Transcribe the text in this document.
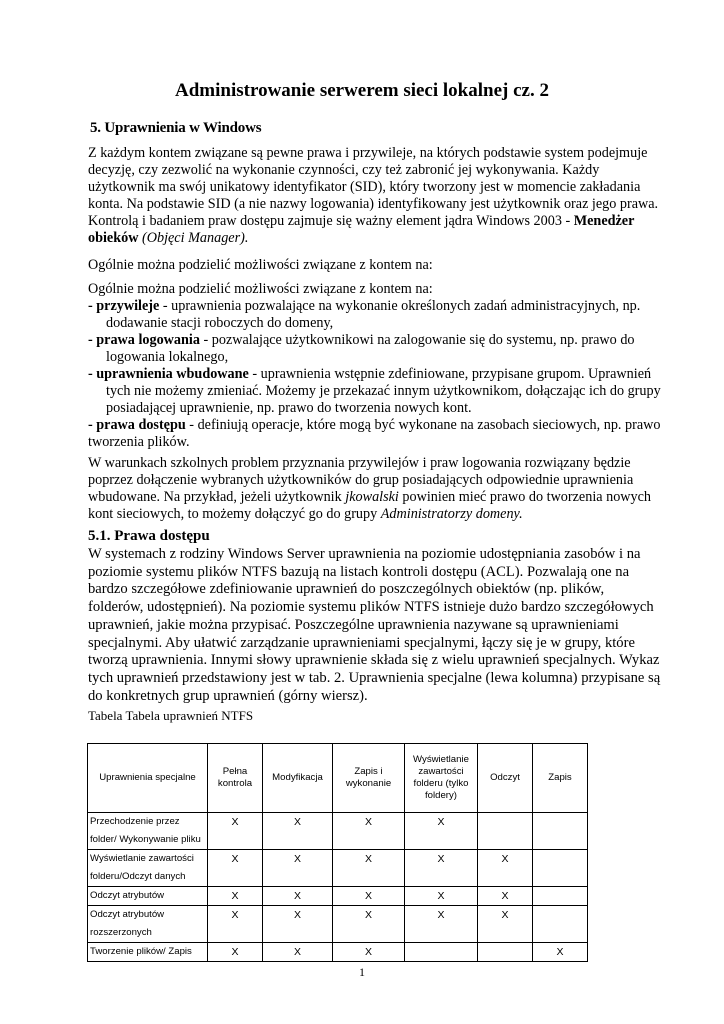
Administrowanie serwerem sieci lokalnej cz. 2
5. Uprawnienia w Windows
Z każdym kontem związane są pewne prawa i przywileje, na których podstawie system podejmuje decyzję, czy zezwolić na wykonanie czynności, czy też zabronić jej wykonywania. Każdy użytkownik ma swój unikatowy identyfikator (SID), który tworzony jest w momencie zakładania konta. Na podstawie SID (a nie nazwy logowania) identyfikowany jest użytkownik oraz jego prawa. Kontrolą i badaniem praw dostępu zajmuje się ważny element jądra Windows 2003 - Menedżer obieków (Objęci Manager).
Ogólnie można podzielić możliwości związane z kontem na:
Ogólnie można podzielić możliwości związane z kontem na:
- przywileje - uprawnienia pozwalające na wykonanie określonych zadań administracyjnych, np.
dodawanie stacji roboczych do domeny,
- prawa logowania - pozwalające użytkownikowi na zalogowanie się do systemu, np. prawo do
logowania lokalnego,
- uprawnienia wbudowane - uprawnienia wstępnie zdefiniowane, przypisane grupom. Uprawnień
tych nie możemy zmieniać. Możemy je przekazać innym użytkownikom, dołączając ich do grupy posiadającej uprawnienie, np. prawo do tworzenia nowych kont.
- prawa dostępu - definiują operacje, które mogą być wykonane na zasobach sieciowych, np. prawo tworzenia plików.
W warunkach szkolnych problem przyznania przywilejów i praw logowania rozwiązany będzie poprzez dołączenie wybranych użytkowników do grup posiadających odpowiednie uprawnienia wbudowane. Na przykład, jeżeli użytkownik jkowalski powinien mieć prawo do tworzenia nowych kont sieciowych, to możemy dołączyć go do grupy Administratorzy domeny.
5.1. Prawa dostępu
W systemach z rodziny Windows Server uprawnienia na poziomie udostępniania zasobów i na poziomie systemu plików NTFS bazują na listach kontroli dostępu (ACL). Pozwalają one na bardzo szczegółowe zdefiniowanie uprawnień do poszczególnych obiektów (np. plików, folderów, udostępnień). Na poziomie systemu plików NTFS istnieje dużo bardzo szczegółowych uprawnień, jakie można przypisać. Poszczególne uprawnienia nazywane są uprawnieniami specjalnymi. Aby ułatwić zarządzanie uprawnieniami specjalnymi, łączy się je w grupy, które tworzą uprawnienia. Innymi słowy uprawnienie składa się z wielu uprawnień specjalnych. Wykaz tych uprawnień przedstawiony jest w tab. 2. Uprawnienia specjalne (lewa kolumna) przypisane są do konkretnych grup uprawnień (górny wiersz).
Tabela Tabela uprawnień NTFS
Uprawnienia specjalne	Pełna kontrola	Modyfikacja	Zapis i wykonanie	Wyświetlanie zawartości folderu (tylko foldery)	Odczyt	Zapis
Przechodzenie przez folder/ Wykonywanie pliku	X	X	X	X		
Wyświetlanie zawartości folderu/Odczyt danych	X	X	X	X	X	
Odczyt atrybutów	X	X	X	X	X	
Odczyt atrybutów rozszerzonych	X	X	X	X	X	
Tworzenie plików/ Zapis	X	X	X			X
1
